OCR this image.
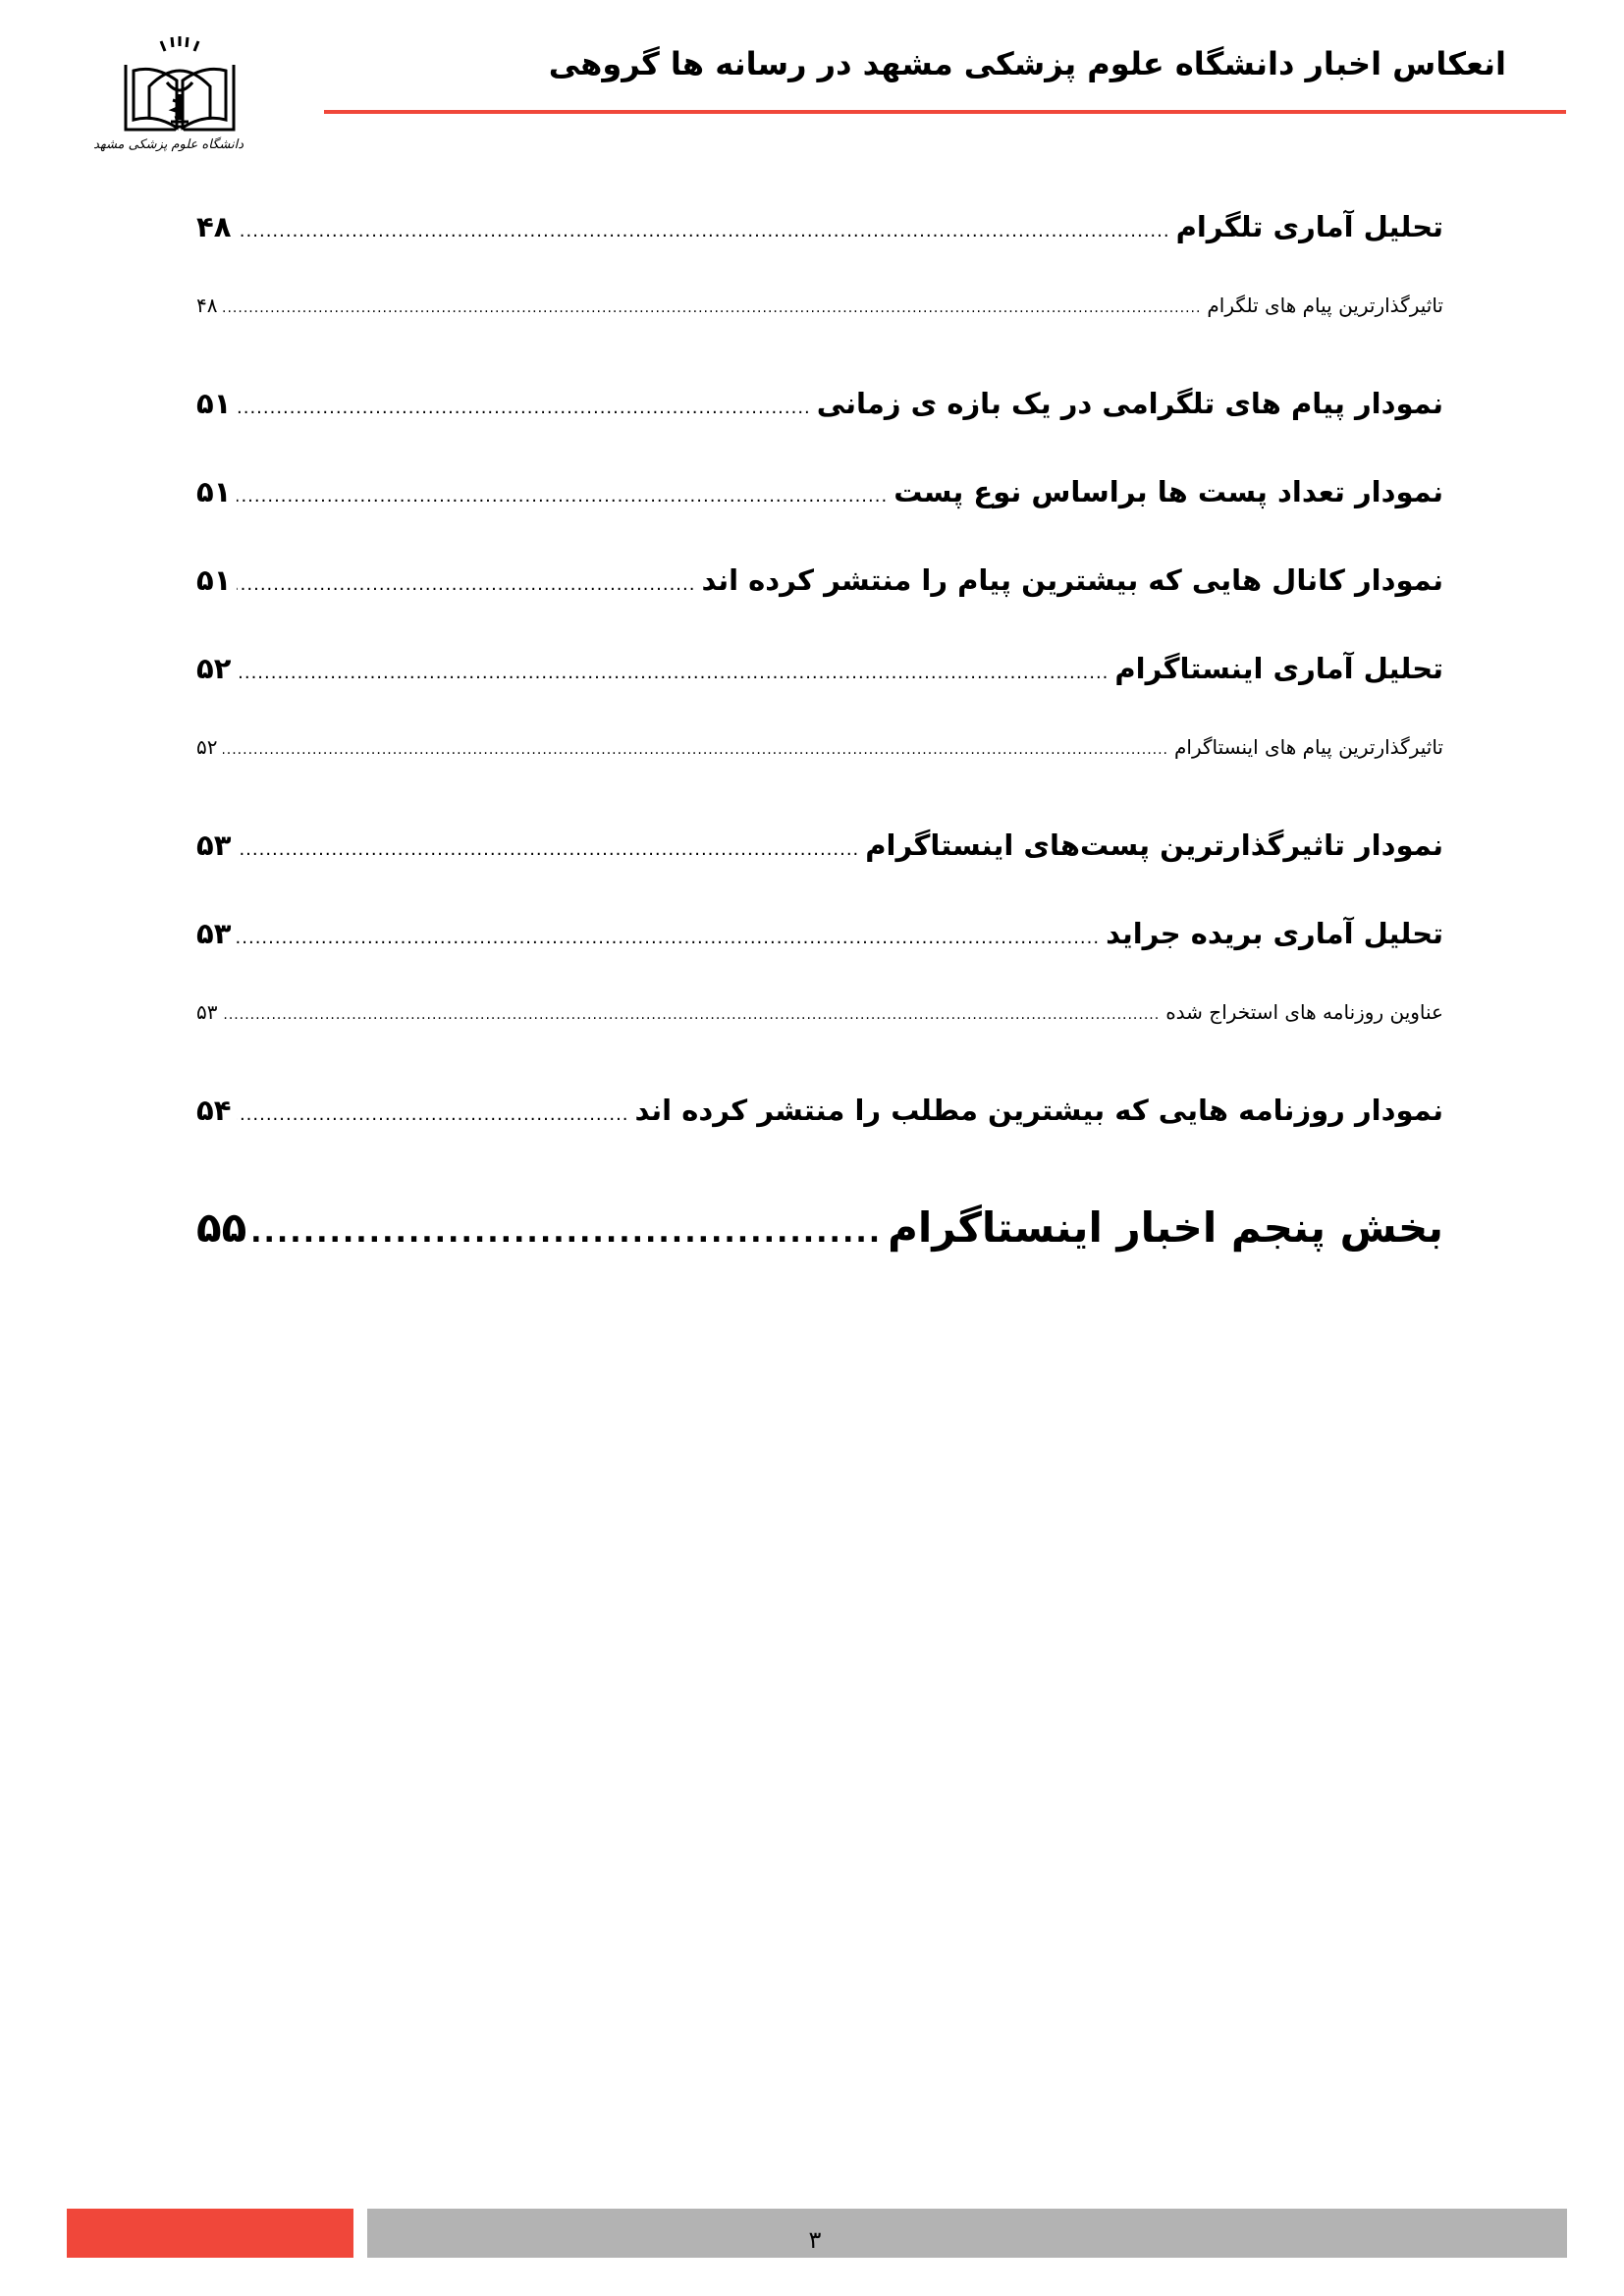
انعکاس اخبار دانشگاه علوم پزشکی مشهد در رسانه ها گروهی
دانشگاه علوم پزشکی مشهد
تحلیل آماری تلگرام
.....
۴۸
تاثیرگذارترین پیام های تلگرام
.....
۴۸
نمودار پیام های تلگرامی در یک بازه ی زمانی
.....
۵۱
نمودار تعداد پست ها براساس نوع پست
.....
۵۱
نمودار کانال هایی که بیشترین پیام را منتشر کرده اند
.....
۵۱
تحلیل آماری اینستاگرام
.....
۵۲
تاثیرگذارترین پیام های اینستاگرام
.....
۵۲
نمودار تاثیرگذارترین پست‌های اینستاگرام
.....
۵۳
تحلیل آماری بریده جراید
.....
۵۳
عناوین روزنامه های استخراج شده
.....
۵۳
نمودار روزنامه هایی که بیشترین مطلب را منتشر کرده اند
.....
۵۴
بخش پنجم اخبار اینستاگرام
.....
۵۵
۳
